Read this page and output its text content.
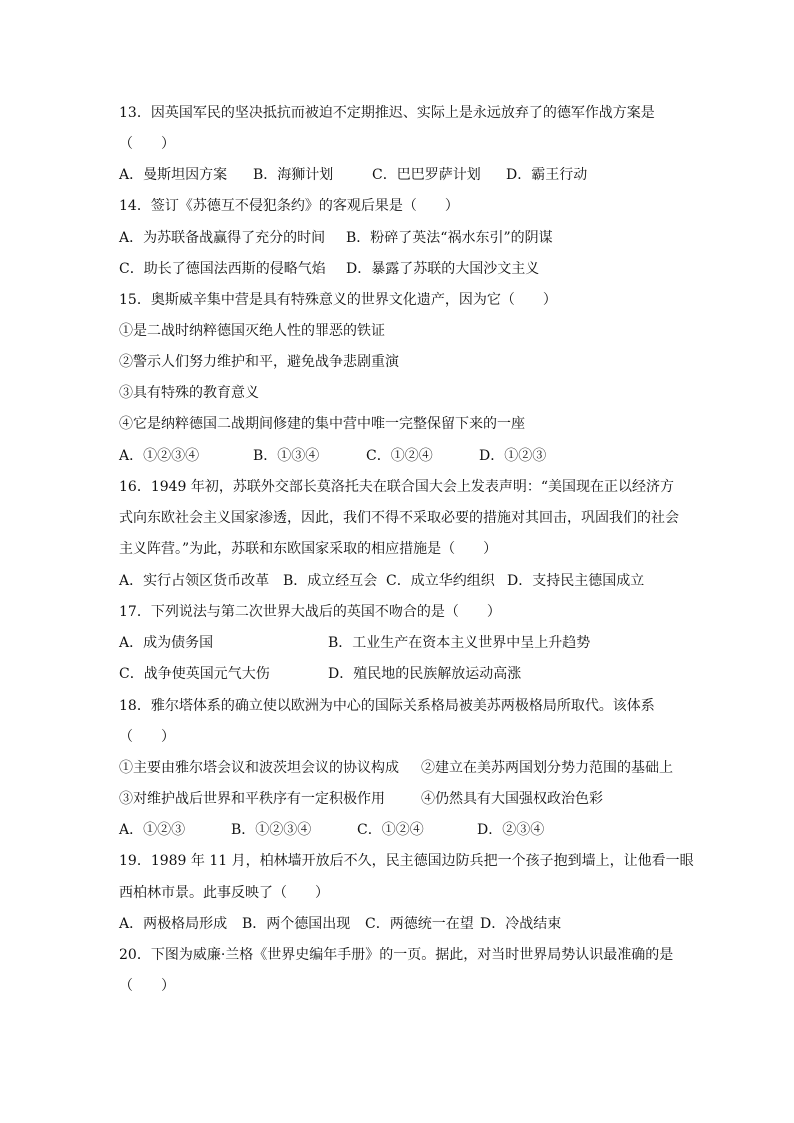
13．因英国军民的坚决抵抗而被迫不定期推迟、实际上是永远放弃了的德军作战方案是
（　　）
A．曼斯坦因方案 B．海狮计划	C．巴巴罗萨计划 D．霸王行动
14．签订《苏德互不侵犯条约》的客观后果是（　　）
A．为苏联备战赢得了充分的时间 B．粉碎了英法“祸水东引”的阴谋
C．助长了德国法西斯的侵略气焰 D．暴露了苏联的大国沙文主义
15．奥斯威辛集中营是具有特殊意义的世界文化遗产，因为它（　　）
①是二战时纳粹德国灭绝人性的罪恶的铁证
②警示人们努力维护和平，避免战争悲剧重演
③具有特殊的教育意义
④它是纳粹德国二战期间修建的集中营中唯一完整保留下来的一座
A．①②③④	B．①③④	C．①②④	D．①②③
16．1949 年初，苏联外交部长莫洛托夫在联合国大会上发表声明：“美国现在正以经济方
式向东欧社会主义国家渗透，因此，我们不得不采取必要的措施对其回击，巩固我们的社会
主义阵营。”为此，苏联和东欧国家采取的相应措施是（　　）
A．实行占领区货币改革 B．成立经互会 C．成立华约组织 D．支持民主德国成立
17．下列说法与第二次世界大战后的英国不吻合的是（　　）
A．成为债务国	B．工业生产在资本主义世界中呈上升趋势
C．战争使英国元气大伤	D．殖民地的民族解放运动高涨
18．雅尔塔体系的确立使以欧洲为中心的国际关系格局被美苏两极格局所取代。该体系
（　　）
①主要由雅尔塔会议和波茨坦会议的协议构成 ②建立在美苏两国划分势力范围的基础上
③对维护战后世界和平秩序有一定积极作用	④仍然具有大国强权政治色彩
A．①②③	B．①②③④	C．①②④	D．②③④
19．1989 年 11 月，柏林墙开放后不久，民主德国边防兵把一个孩子抱到墙上，让他看一眼
西柏林市景。此事反映了（　　）
A．两极格局形成 B．两个德国出现 C．两德统一在望 D．冷战结束
20．下图为威廉·兰格《世界史编年手册》的一页。据此，对当时世界局势认识最准确的是
（　　）
